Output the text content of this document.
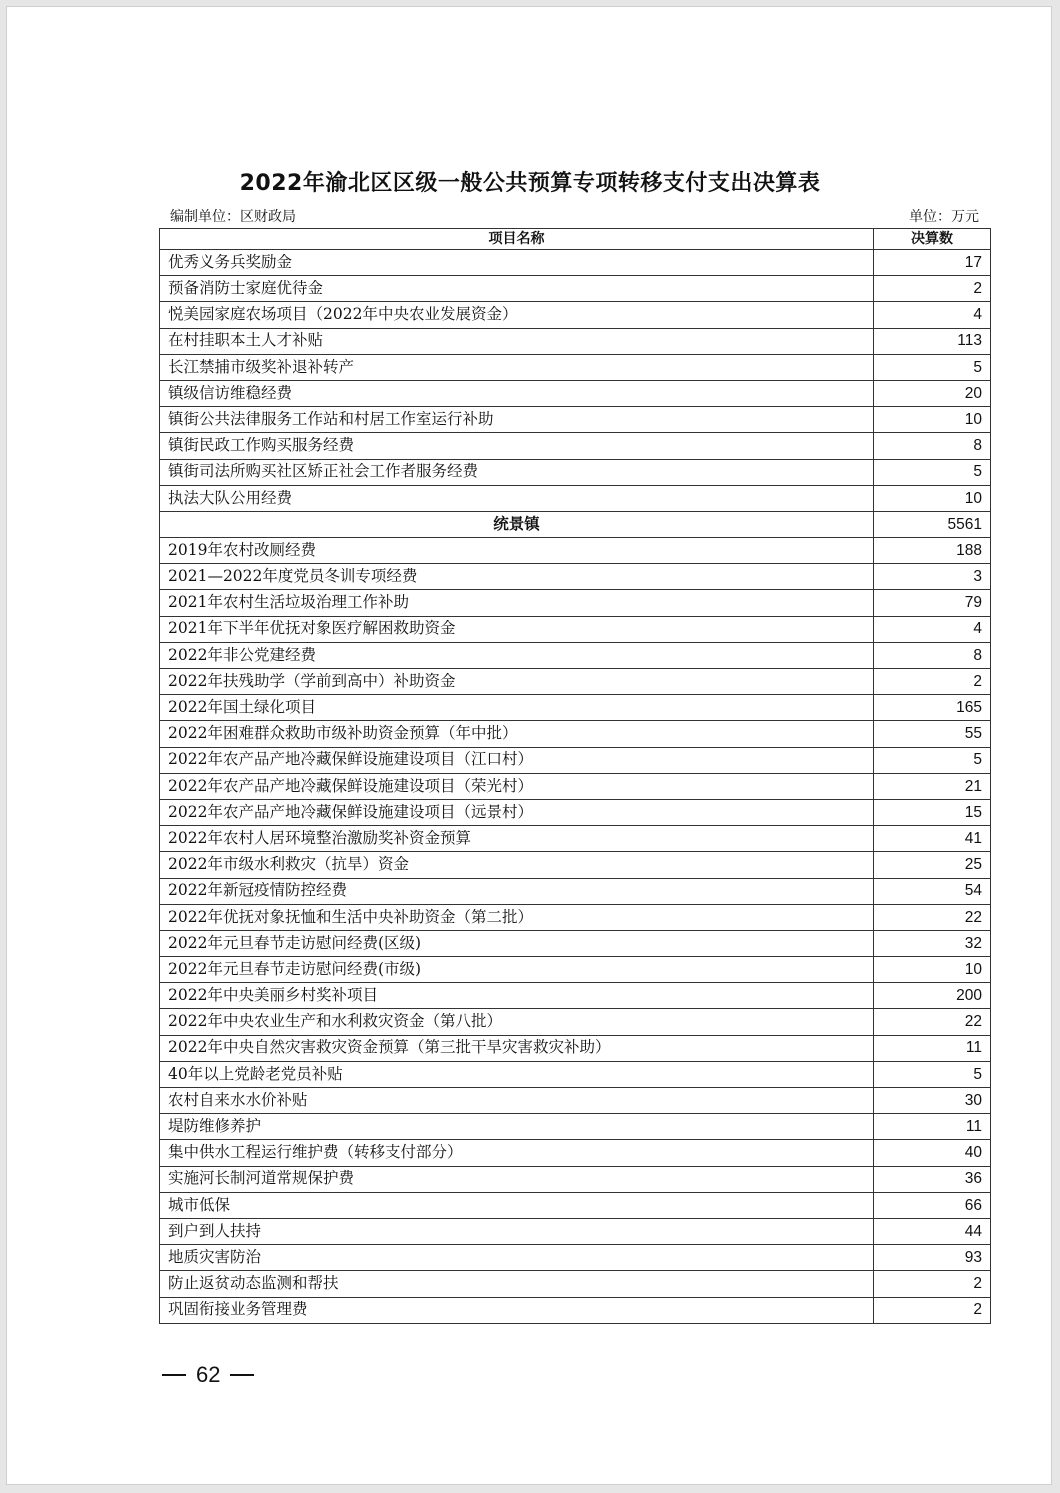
2022年渝北区区级一般公共预算专项转移支付支出决算表
编制单位：区财政局	单位：万元
项目名称	决算数
优秀义务兵奖励金	17
预备消防士家庭优待金	2
悦美园家庭农场项目（2022年中央农业发展资金）	4
在村挂职本土人才补贴	113
长江禁捕市级奖补退补转产	5
镇级信访维稳经费	20
镇街公共法律服务工作站和村居工作室运行补助	10
镇街民政工作购买服务经费	8
镇街司法所购买社区矫正社会工作者服务经费	5
执法大队公用经费	10
统景镇	5561
2019年农村改厕经费	188
2021—2022年度党员冬训专项经费	3
2021年农村生活垃圾治理工作补助	79
2021年下半年优抚对象医疗解困救助资金	4
2022年非公党建经费	8
2022年扶残助学（学前到高中）补助资金	2
2022年国土绿化项目	165
2022年困难群众救助市级补助资金预算（年中批）	55
2022年农产品产地冷藏保鲜设施建设项目（江口村）	5
2022年农产品产地冷藏保鲜设施建设项目（荣光村）	21
2022年农产品产地冷藏保鲜设施建设项目（远景村）	15
2022年农村人居环境整治激励奖补资金预算	41
2022年市级水利救灾（抗旱）资金	25
2022年新冠疫情防控经费	54
2022年优抚对象抚恤和生活中央补助资金（第二批）	22
2022年元旦春节走访慰问经费(区级)	32
2022年元旦春节走访慰问经费(市级)	10
2022年中央美丽乡村奖补项目	200
2022年中央农业生产和水利救灾资金（第八批）	22
2022年中央自然灾害救灾资金预算（第三批干旱灾害救灾补助）	11
40年以上党龄老党员补贴	5
农村自来水水价补贴	30
堤防维修养护	11
集中供水工程运行维护费（转移支付部分）	40
实施河长制河道常规保护费	36
城市低保	66
到户到人扶持	44
地质灾害防治	93
防止返贫动态监测和帮扶	2
巩固衔接业务管理费	2
62
